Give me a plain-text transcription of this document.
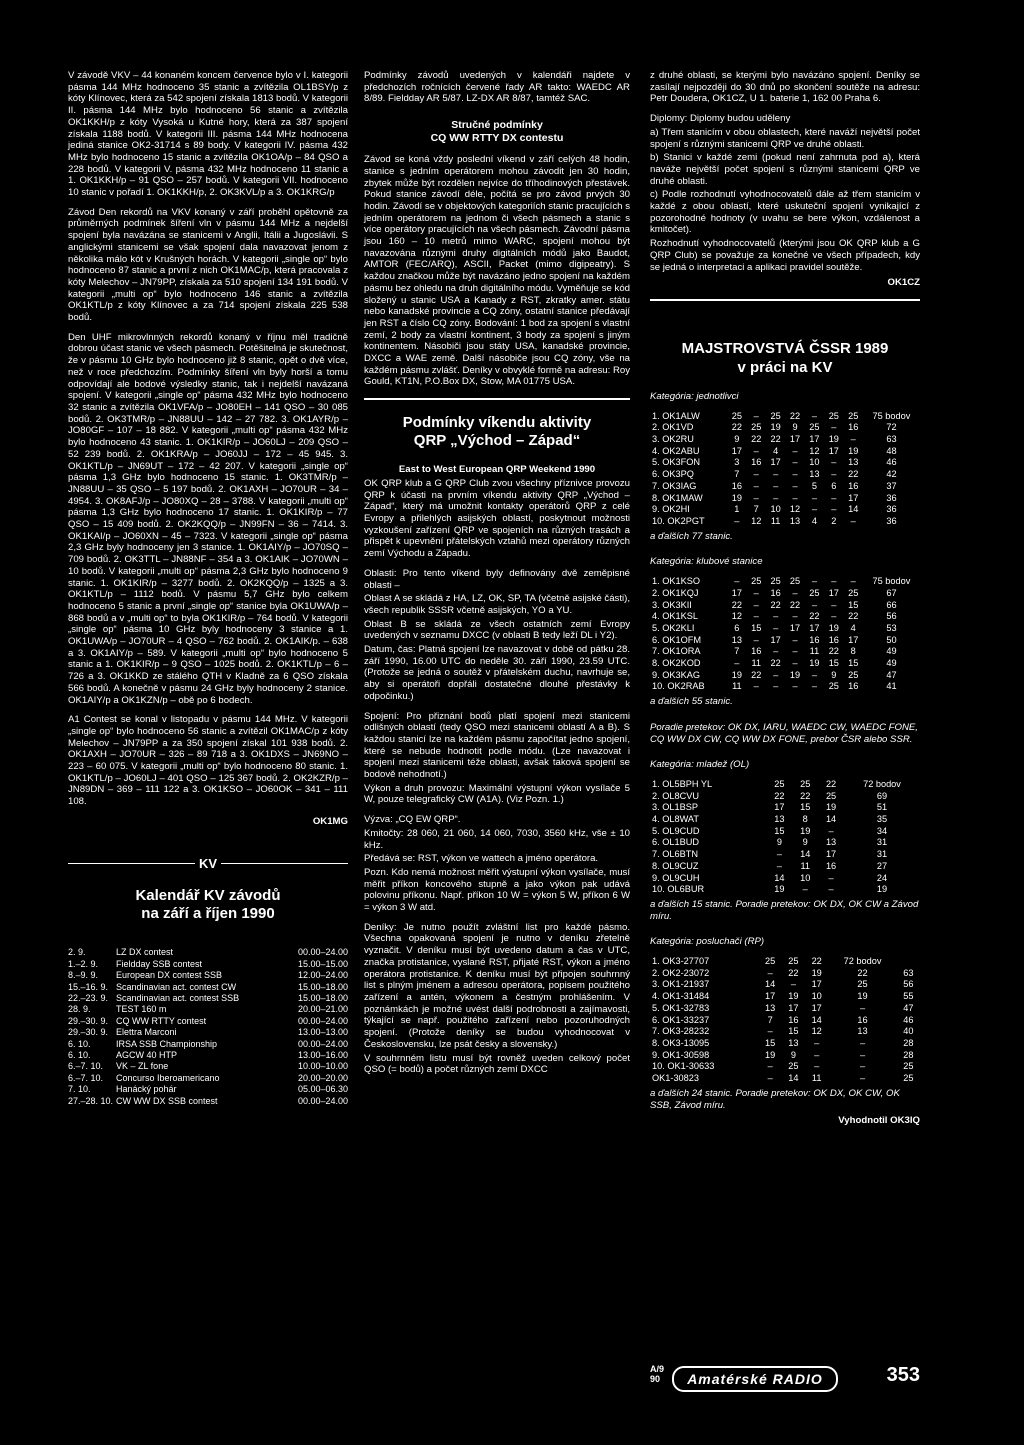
V závodě VKV – 44 konaném koncem července bylo v I. kategorii pásma 144 MHz hodnoceno 35 stanic a zvítězila OL1BSY/p z kóty Klínovec, která za 542 spojení získala 1813 bodů. V kategorii II. pásma 144 MHz bylo hodnoceno 56 stanic a zvítězila OK1KKH/p z kóty Vysoká u Kutné hory, která za 387 spojení získala 1188 bodů. V kategorii III. pásma 144 MHz hodnocena jediná stanice OK2-31714 s 89 body. V kategorii IV. pásma 432 MHz bylo hodnoceno 15 stanic a zvítězila OK1OA/p – 84 QSO a 228 bodů. V kategorii V. pásma 432 MHz hodnoceno 11 stanic a 1. OK1KKH/p – 91 QSO – 257 bodů. V kategorii VII. hodnoceno 10 stanic v pořadí 1. OK1KKH/p, 2. OK3KVL/p a 3. OK1KRG/p

Závod Den rekordů na VKV konaný v září proběhl opětovně za průměrných podmínek šíření vln v pásmu 144 MHz a nejdelší spojení byla navázána se stanicemi v Anglii, Itálii a Jugoslávii. S anglickými stanicemi se však spojení dala navazovat jenom z několika málo kót v Krušných horách. V kategorii „single op“ bylo hodnoceno 87 stanic a první z nich OK1MAC/p, která pracovala z kóty Melechov – JN79PP, získala za 510 spojení 134 191 bodů. V kategorii „multi op“ bylo hodnoceno 146 stanic a zvítězila OK1KTL/p z kóty Klínovec a za 714 spojení získala 225 538 bodů.

Den UHF mikrovlnných rekordů konaný v říjnu měl tradičně dobrou účast stanic ve všech pásmech. Potěšitelná je skutečnost, že v pásmu 10 GHz bylo hodnoceno již 8 stanic, opět o dvě více, než v roce předchozím. Podmínky šíření vln byly horší a tomu odpovídají ale bodové výsledky stanic, tak i nejdelší navázaná spojení. V kategorii „single op“ pásma 432 MHz bylo hodnoceno 32 stanic a zvítězila OK1VFA/p – JO80EH – 141 QSO – 30 085 bodů. 2. OK3TMR/p – JN88UU – 142 – 27 782. 3. OK1AYR/p – JO80GF – 107 – 18 882. V kategorii „multi op“ pásma 432 MHz bylo hodnoceno 43 stanic. 1. OK1KIR/p – JO60LJ – 209 QSO – 52 239 bodů. 2. OK1KRA/p – JO60JJ – 172 – 45 945. 3. OK1KTL/p – JN69UT – 172 – 42 207. V kategorii „single op“ pásma 1,3 GHz bylo hodnoceno 15 stanic. 1. OK3TMR/p – JN88UU – 35 QSO – 5 197 bodů. 2. OK1AXH – JO70UR – 34 – 4954. 3. OK8AFJ/p – JO80XQ – 28 – 3788. V kategorii „multi op“ pásma 1,3 GHz bylo hodnoceno 17 stanic. 1. OK1KIR/p – 77 QSO – 15 409 bodů. 2. OK2KQQ/p – JN99FN – 36 – 7414. 3. OK1KAI/p – JO60XN – 45 – 7323. V kategorii „single op“ pásma 2,3 GHz byly hodnoceny jen 3 stanice. 1. OK1AIY/p – JO70SQ – 709 bodů. 2. OK3TTL – JN88NF – 354 a 3. OK1AIK – JO70WN – 10 bodů. V kategorii „multi op“ pásma 2,3 GHz bylo hodnoceno 9 stanic. 1. OK1KIR/p – 3277 bodů. 2. OK2KQQ/p – 1325 a 3. OK1KTL/p – 1112 bodů. V pásmu 5,7 GHz bylo celkem hodnoceno 5 stanic a první „single op“ stanice byla OK1UWA/p – 868 bodů a v „multi op“ to byla OK1KIR/p – 764 bodů. V kategorii „single op“ pásma 10 GHz byly hodnoceny 3 stanice a 1. OK1UWA/p – JO70UR – 4 QSO – 762 bodů. 2. OK1AIK/p. – 638 a 3. OK1AIY/p – 589. V kategorii „multi op“ bylo hodnoceno 5 stanic a 1. OK1KIR/p – 9 QSO – 1025 bodů. 2. OK1KTL/p – 6 – 726 a 3. OK1KKD ze stálého QTH v Kladně za 6 QSO získala 566 bodů. A konečně v pásmu 24 GHz byly hodnoceny 2 stanice. OK1AIY/p a OK1KZN/p – obě po 6 bodech.

A1 Contest se konal v listopadu v pásmu 144 MHz. V kategorii „single op“ bylo hodnoceno 56 stanic a zvítězil OK1MAC/p z kóty Melechov – JN79PP a za 350 spojení získal 101 938 bodů. 2. OK1AXH – JO70UR – 326 – 89 718 a 3. OK1DXS – JN69NO – 223 – 60 075. V kategorii „multi op“ bylo hodnoceno 80 stanic. 1. OK1KTL/p – JO60LJ – 401 QSO – 125 367 bodů. 2. OK2KZR/p – JN89DN – 369 – 111 122 a 3. OK1KSO – JO60OK – 341 – 111 108.

OK1MG
KV
Kalendář KV závodů
na září a říjen 1990
2. 9.	LZ DX contest	00.00–24.00
1.–2. 9.	Fieldday SSB contest	15.00–15.00
8.–9. 9.	European DX contest SSB	12.00–24.00
15.–16. 9.	Scandinavian act. contest CW	15.00–18.00
22.–23. 9.	Scandinavian act. contest SSB	15.00–18.00
28. 9.	TEST 160 m	20.00–21.00
29.–30. 9.	CQ WW RTTY contest	00.00–24.00
29.–30. 9.	Elettra Marconi	13.00–13.00
6. 10.	IRSA SSB Championship	00.00–24.00
6. 10.	AGCW 40 HTP	13.00–16.00
6.–7. 10.	VK – ZL fone	10.00–10.00
6.–7. 10.	Concurso Iberoamericano	20.00–20.00
7. 10.	Hanácký pohár	05.00–06.30
27.–28. 10.	CW WW DX SSB contest	00.00–24.00

Podmínky závodů uvedených v kalendáři najdete v předchozích ročnících červené řady AR takto: WAEDC AR 8/89. Fieldday AR 5/87. LZ-DX AR 8/87, tamtéž SAC.

Stručné podmínky
CQ WW RTTY DX contestu

Závod se koná vždy poslední víkend v září celých 48 hodin, stanice s jedním operátorem mohou závodit jen 30 hodin, zbytek může být rozdělen nejvíce do tříhodinových přestávek. Pokud stanice závodí déle, počítá se pro závod prvých 30 hodin. Závodí se v objektových kategoriích stanic pracujících s jedním operátorem na jednom či všech pásmech a stanic s více operátory pracujících na všech pásmech. Závodní pásma jsou 160 – 10 metrů mimo WARC, spojení mohou být navazována různými druhy digitálních módů jako Baudot, AMTOR (FEC/ARQ), ASCII, Packet (mimo digipeatry). S každou značkou může být navázáno jedno spojení na každém pásmu bez ohledu na druh digitálního módu. Vyměňuje se kód složený u stanic USA a Kanady z RST, zkratky amer. státu nebo kanadské provincie a CQ zóny, ostatní stanice předávají jen RST a číslo CQ zóny. Bodování: 1 bod za spojení s vlastní zemí, 2 body za vlastní kontinent, 3 body za spojení s jiným kontinentem. Násobiči jsou státy USA, kanadské provincie, DXCC a WAE země. Další násobiče jsou CQ zóny, vše na každém pásmu zvlášť. Deníky v obvyklé formě na adresu: Roy Gould, KT1N, P.O.Box DX, Stow, MA 01775 USA.

Podmínky víkendu aktivity
QRP „Východ – Západ“
East to West European QRP Weekend 1990

OK QRP klub a G QRP Club zvou všechny příznivce provozu QRP k účasti na prvním víkendu aktivity QRP „Východ – Západ“, který má umožnit kontakty operátorů QRP z celé Evropy a přilehlých asijských oblastí, poskytnout možnosti vyzkoušení zařízení QRP ve spojeních na různých trasách a přispět k upevnění přátelských vztahů mezi operátory různých zemí Východu a Západu.

Oblasti: Pro tento víkend byly definovány dvě zeměpisné oblasti –

Oblast A se skládá z HA, LZ, OK, SP, TA (včetně asijské části), všech republik SSSR včetně asijských, YO a YU.

Oblast B se skládá ze všech ostatních zemí Evropy uvedených v seznamu DXCC (v oblasti B tedy leží DL i Y2).

Datum, čas: Platná spojení lze navazovat v době od pátku 28. září 1990, 16.00 UTC do neděle 30. září 1990, 23.59 UTC. (Protože se jedná o soutěž v přátelském duchu, navrhuje se, aby si operátoři dopřáli dostatečné dlouhé přestávky k odpočinku.)

Spojení: Pro přiznání bodů platí spojení mezi stanicemi odlišných oblastí (tedy QSO mezi stanicemi oblastí A a B). S každou stanicí lze na každém pásmu započítat jedno spojení, které se nebude hodnotit podle módu. (Lze navazovat i spojení mezi stanicemi téže oblasti, avšak taková spojení se bodově nehodnotí.)

Výkon a druh provozu: Maximální výstupní výkon vysílače 5 W, pouze telegrafický CW (A1A). (Viz Pozn. 1.)

Výzva: „CQ EW QRP“.

Kmitočty: 28 060, 21 060, 14 060, 7030, 3560 kHz, vše ± 10 kHz.

Předává se: RST, výkon ve wattech a jméno operátora.

Pozn. Kdo nemá možnost měřit výstupní výkon vysílače, musí měřit příkon koncového stupně a jako výkon pak udává polovinu příkonu. Např. příkon 10 W = výkon 5 W, příkon 6 W = výkon 3 W atd.

Deníky: Je nutno použít zvláštní list pro každé pásmo. Všechna opakovaná spojení je nutno v deníku zřetelně vyznačit. V deníku musí být uvedeno datum a čas v UTC, značka protistanice, vyslané RST, přijaté RST, výkon a jméno operátora protistanice. K deníku musí být připojen souhrnný list s plným jménem a adresou operátora, popisem použitého zařízení a antén, výkonem a čestným prohlášením. V poznámkách je možné uvést další podrobnosti a zajímavosti, týkající se např. použitého zařízení nebo pozoruhodných spojení. (Protože deníky se budou vyhodnocovat v Československu, lze psát česky a slovensky.)

V souhrnném listu musí být rovněž uveden celkový počet QSO (= bodů) a počet různých zemí DXCC

z druhé oblasti, se kterými bylo navázáno spojení. Deníky se zasílají nejpozději do 30 dnů po skončení soutěže na adresu: Petr Doudera, OK1CZ, U 1. baterie 1, 162 00 Praha 6.

Diplomy: Diplomy budou uděleny

a) Třem stanicím v obou oblastech, které naváží největší počet spojení s různými stanicemi QRP ve druhé oblasti.

b) Stanici v každé zemi (pokud není zahrnuta pod a), která naváže největší počet spojení s různými stanicemi QRP ve druhé oblasti.

c) Podle rozhodnutí vyhodnocovatelů dále až třem stanicím v každé z obou oblastí, které uskuteční spojení vynikající z pozorohodné hodnoty (v uvahu se bere výkon, vzdálenost a kmitočet).

Rozhodnutí vyhodnocovatelů (kterými jsou OK QRP klub a G QRP Club) se považuje za konečné ve všech případech, kdy se jedná o interpretaci a aplikaci pravidel soutěže.

OK1CZ
MAJSTROVSTVÁ ČSSR 1989
v práci na KV
Kategória: jednotlivci
1. OK1ALW	25	–	25	22	–	25	25	75 bodov
2. OK1VD	22	25	19	9	25	–	16	72
3. OK2RU	9	22	22	17	17	19	–	63
4. OK2ABU	17	–	4	–	12	17	19	48
5. OK3FON	3	16	17	–	10	–	13	46
6. OK3PQ	7	–	–	–	13	–	22	42
7. OK3IAG	16	–	–	–	5	6	16	37
8. OK1MAW	19	–	–	–	–	–	17	36
9. OK2HI	1	7	10	12	–	–	14	36
10. OK2PGT	–	12	11	13	4	2	–	36
a ďalších 77 stanic.
Kategória: klubové stanice
1. OK1KSO	–	25	25	25	–	–	–	75 bodov
2. OK1KQJ	17	–	16	–	25	17	25	67
3. OK3KII	22	–	22	22	–	–	15	66
4. OK1KSL	12	–	–	–	22	–	22	56
5. OK2KLI	6	15	–	17	17	19	4	53
6. OK1OFM	13	–	17	–	16	16	17	50
7. OK1ORA	7	16	–	–	11	22	8	49
8. OK2KOD	–	11	22	–	19	15	15	49
9. OK3KAG	19	22	–	19	–	9	25	47
10. OK2RAB	11	–	–	–	–	25	16	41
a ďalších 55 stanic.
Poradie pretekov: OK DX, IARU, WAEDC CW, WAEDC FONE, CQ WW DX CW, CQ WW DX FONE, prebor ČSR alebo SSR.
Kategória: mladež (OL)
1. OL5BPH YL	25	25	22	72 bodov
2. OL8CVU	22	22	25	69
3. OL1BSP	17	15	19	51
4. OL8WAT	13	8	14	35
5. OL9CUD	15	19	–	34
6. OL1BUD	9	9	13	31
7. OL6BTN	–	14	17	31
8. OL9CUZ	–	11	16	27
9. OL9CUH	14	10	–	24
10. OL6BUR	19	–	–	19
a ďalších 15 stanic. Poradie pretekov: OK DX, OK CW a Závod míru.
Kategória: posluchači (RP)
1. OK3-27707	25	25	22	72 bodov	
2. OK2-23072	–	22	19	22	63
3. OK1-21937	14	–	17	25	56
4. OK1-31484	17	19	10	19	55
5. OK1-32783	13	17	17	–	47
6. OK1-33237	7	16	14	16	46
7. OK3-28232	–	15	12	13	40
8. OK3-13095	15	13	–	–	28
9. OK1-30598	19	9	–	–	28
10. OK1-30633	–	25	–	–	25
OK1-30823	–	14	11	–	25
a ďalších 24 stanic. Poradie pretekov: OK DX, OK CW, OK SSB, Závod míru.
Vyhodnotil OK3IQ
A/9
90	Amatérské RADIO	353
